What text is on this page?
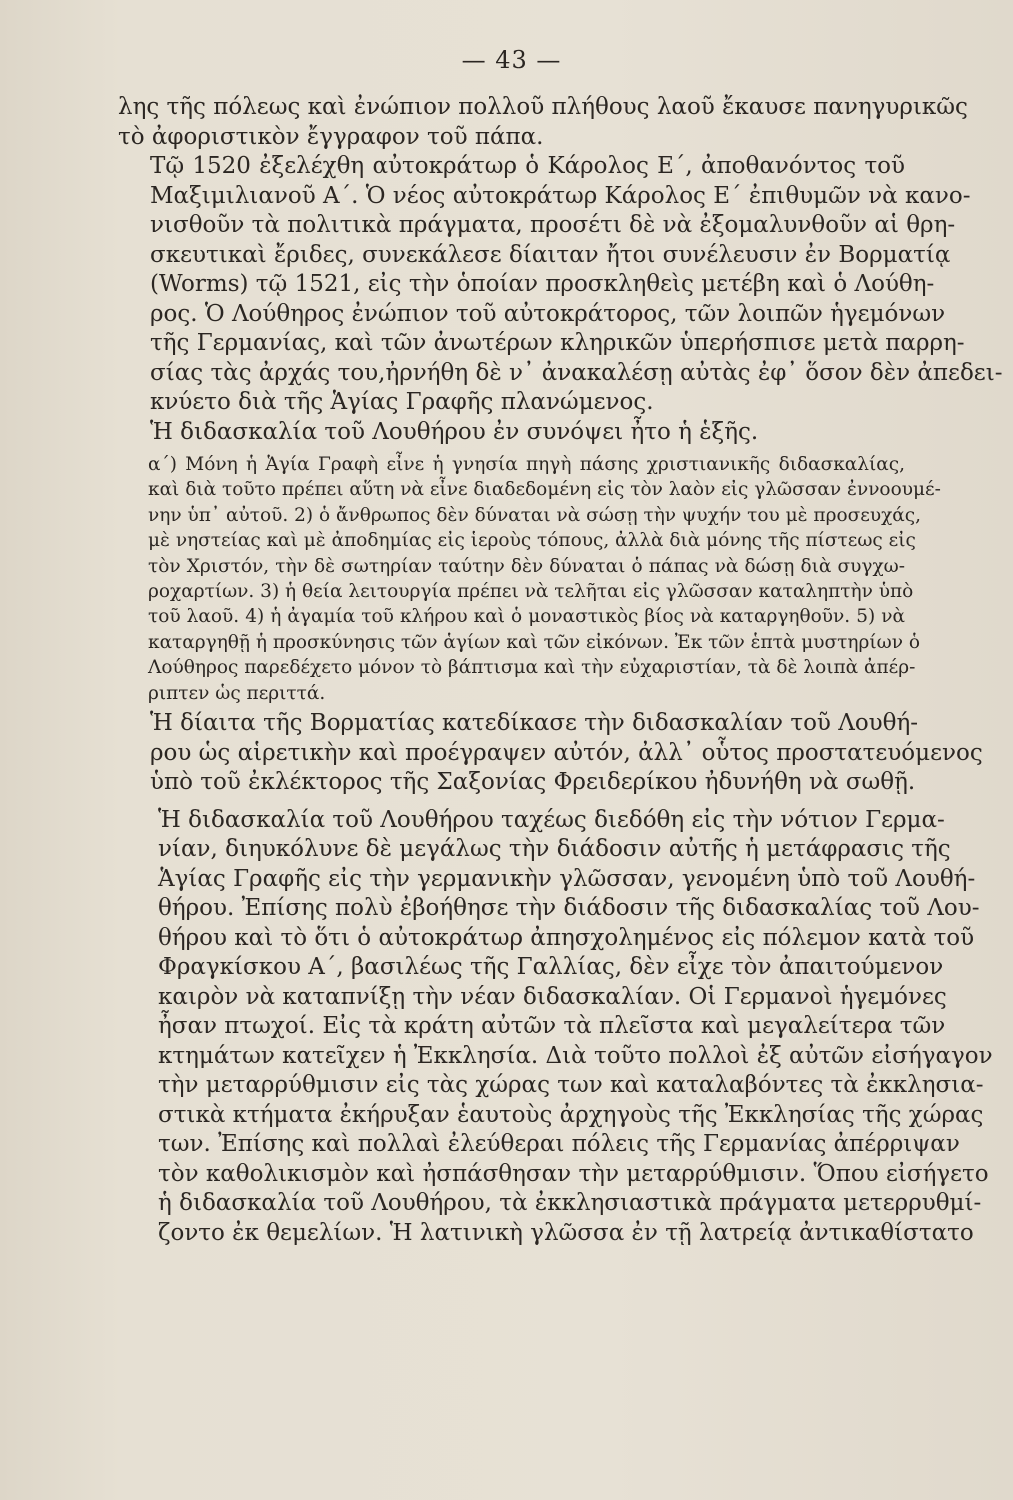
— 43 —
λης τῆς πόλεως καὶ ἐνώπιον πολλοῦ πλήθους λαοῦ ἔκαυσε πανηγυρικῶς
τὸ ἀφοριστικὸν ἔγγραφον τοῦ πάπα.
Τῷ 1520 ἐξελέχθη αὐτοκράτωρ ὁ Κάρολος Ε΄, ἀποθανόντος τοῦ
Μαξιμιλιανοῦ Α΄. Ὁ νέος αὐτοκράτωρ Κάρολος Ε΄ ἐπιθυμῶν νὰ κανο-
νισθοῦν τὰ πολιτικὰ πράγματα, προσέτι δὲ νὰ ἐξομαλυνθοῦν αἱ θρη-
σκευτικαὶ ἔριδες, συνεκάλεσε δίαιταν ἤτοι συνέλευσιν ἐν Βορματίᾳ
(Worms) τῷ 1521, εἰς τὴν ὁποίαν προσκληθεὶς μετέβη καὶ ὁ Λούθη-
ρος. Ὁ Λούθηρος ἐνώπιον τοῦ αὐτοκράτορος, τῶν λοιπῶν ἡγεμόνων
τῆς Γερμανίας, καὶ τῶν ἀνωτέρων κληρικῶν ὑπερήσπισε μετὰ παρρη-
σίας τὰς ἀρχάς του,ἠρνήθη δὲ ν᾽ ἀνακαλέσῃ αὐτὰς ἐφ᾽ ὅσον δὲν ἀπεδει-
κνύετο διὰ τῆς Ἁγίας Γραφῆς πλανώμενος.
Ἡ διδασκαλία τοῦ Λουθήρου ἐν συνόψει ἦτο ἡ ἑξῆς.
α΄) Μόνη ἡ Ἁγία Γραφὴ εἶνε ἡ γνησία πηγὴ πάσης χριστιανικῆς διδασκαλίας,
καὶ διὰ τοῦτο πρέπει αὕτη νὰ εἶνε διαδεδομένη εἰς τὸν λαὸν εἰς γλῶσσαν ἐννοουμέ-
νην ὑπ᾽ αὐτοῦ. 2) ὁ ἄνθρωπος δὲν δύναται νὰ σώσῃ τὴν ψυχήν του μὲ προσευχάς,
μὲ νηστείας καὶ μὲ ἀποδημίας εἰς ἱεροὺς τόπους, ἀλλὰ διὰ μόνης τῆς πίστεως εἰς
τὸν Χριστόν, τὴν δὲ σωτηρίαν ταύτην δὲν δύναται ὁ πάπας νὰ δώσῃ διὰ συγχω-
ροχαρτίων. 3) ἡ θεία λειτουργία πρέπει νὰ τελῆται εἰς γλῶσσαν καταληπτὴν ὑπὸ
τοῦ λαοῦ. 4) ἡ ἀγαμία τοῦ κλήρου καὶ ὁ μοναστικὸς βίος νὰ καταργηθοῦν. 5) νὰ
καταργηθῇ ἡ προσκύνησις τῶν ἁγίων καὶ τῶν εἰκόνων. Ἐκ τῶν ἑπτὰ μυστηρίων ὁ
Λούθηρος παρεδέχετο μόνον τὸ βάπτισμα καὶ τὴν εὐχαριστίαν, τὰ δὲ λοιπὰ ἀπέρ-
ριπτεν ὡς περιττά.
Ἡ δίαιτα τῆς Βορματίας κατεδίκασε τὴν διδασκαλίαν τοῦ Λουθή-
ρου ὡς αἱρετικὴν καὶ προέγραψεν αὐτόν, ἀλλ᾽ οὗτος προστατευόμενος
ὑπὸ τοῦ ἐκλέκτορος τῆς Σαξονίας Φρειδερίκου ἠδυνήθη νὰ σωθῇ.
Ἡ διδασκαλία τοῦ Λουθήρου ταχέως διεδόθη εἰς τὴν νότιον Γερμα-
νίαν, διηυκόλυνε δὲ μεγάλως τὴν διάδοσιν αὐτῆς ἡ μετάφρασις τῆς
Ἁγίας Γραφῆς εἰς τὴν γερμανικὴν γλῶσσαν, γενομένη ὑπὸ τοῦ Λουθή-
θήρου. Ἐπίσης πολὺ ἐβοήθησε τὴν διάδοσιν τῆς διδασκαλίας τοῦ Λου-
θήρου καὶ τὸ ὅτι ὁ αὐτοκράτωρ ἀπησχολημένος εἰς πόλεμον κατὰ τοῦ
Φραγκίσκου Α΄, βασιλέως τῆς Γαλλίας, δὲν εἶχε τὸν ἀπαιτούμενον
καιρὸν νὰ καταπνίξῃ τὴν νέαν διδασκαλίαν. Οἱ Γερμανοὶ ἡγεμόνες
ἦσαν πτωχοί. Εἰς τὰ κράτη αὐτῶν τὰ πλεῖστα καὶ μεγαλείτερα τῶν
κτημάτων κατεῖχεν ἡ Ἐκκλησία. Διὰ τοῦτο πολλοὶ ἐξ αὐτῶν εἰσήγαγον
τὴν μεταρρύθμισιν εἰς τὰς χώρας των καὶ καταλαβόντες τὰ ἐκκλησια-
στικὰ κτήματα ἐκήρυξαν ἑαυτοὺς ἀρχηγοὺς τῆς Ἐκκλησίας τῆς χώρας
των. Ἐπίσης καὶ πολλαὶ ἐλεύθεραι πόλεις τῆς Γερμανίας ἀπέρριψαν
τὸν καθολικισμὸν καὶ ἠσπάσθησαν τὴν μεταρρύθμισιν. Ὅπου εἰσήγετο
ἡ διδασκαλία τοῦ Λουθήρου, τὰ ἐκκλησιαστικὰ πράγματα μετερρυθμί-
ζοντο ἐκ θεμελίων. Ἡ λατινικὴ γλῶσσα ἐν τῇ λατρείᾳ ἀντικαθίστατο
